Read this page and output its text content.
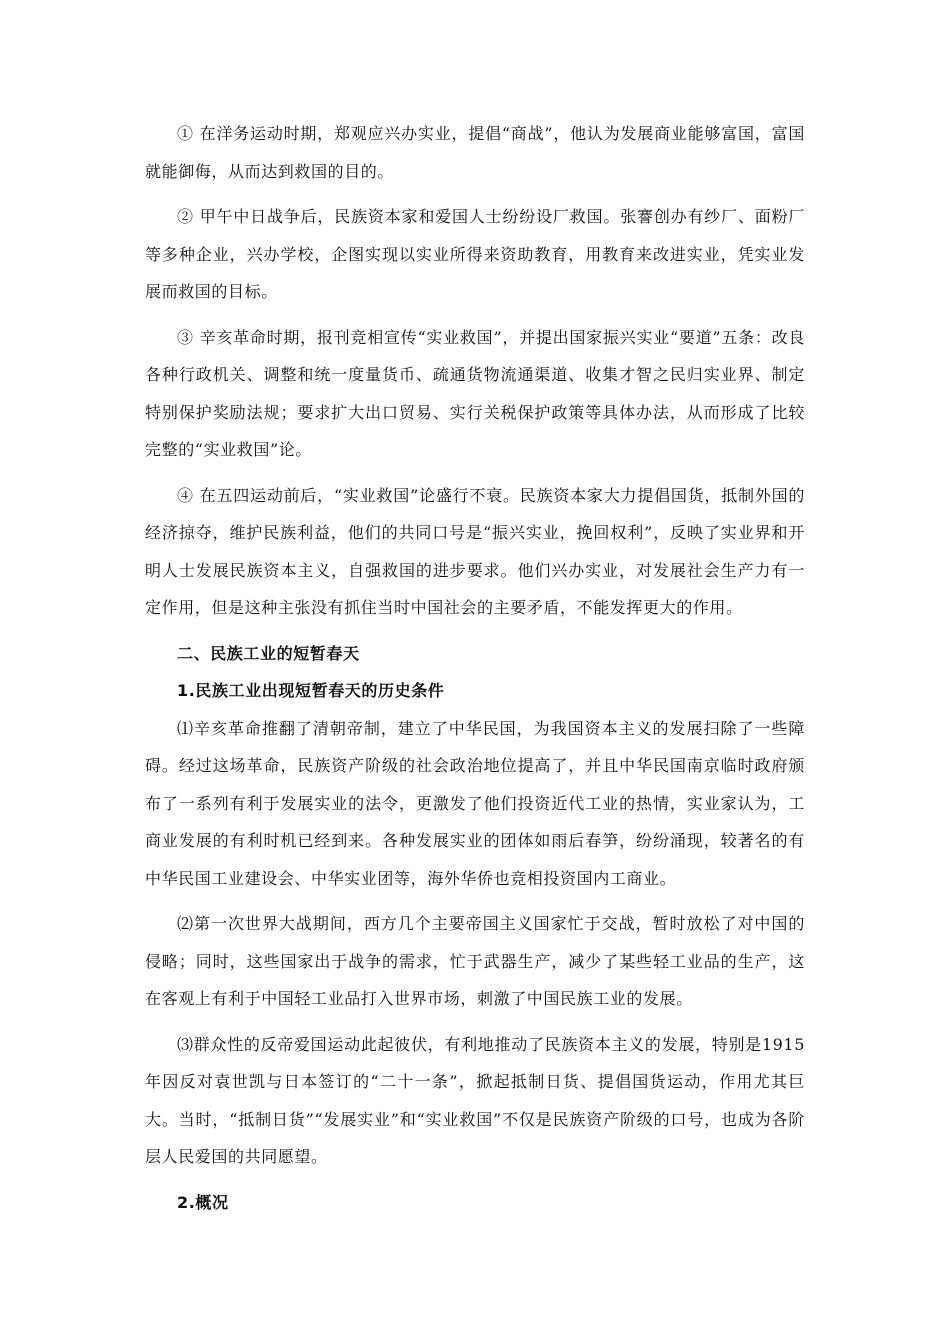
① 在洋务运动时期，郑观应兴办实业，提倡“商战”，他认为发展商业能够富国，富国就能御侮，从而达到救国的目的。

② 甲午中日战争后，民族资本家和爱国人士纷纷设厂救国。张謇创办有纱厂、面粉厂等多种企业，兴办学校，企图实现以实业所得来资助教育，用教育来改进实业，凭实业发展而救国的目标。

③ 辛亥革命时期，报刊竞相宣传“实业救国”，并提出国家振兴实业“要道”五条：改良各种行政机关、调整和统一度量货币、疏通货物流通渠道、收集才智之民归实业界、制定特别保护奖励法规；要求扩大出口贸易、实行关税保护政策等具体办法，从而形成了比较完整的“实业救国”论。

④ 在五四运动前后，“实业救国”论盛行不衰。民族资本家大力提倡国货，抵制外国的经济掠夺，维护民族利益，他们的共同口号是“振兴实业，挽回权利”，反映了实业界和开明人士发展民族资本主义，自强救国的进步要求。他们兴办实业，对发展社会生产力有一定作用，但是这种主张没有抓住当时中国社会的主要矛盾，不能发挥更大的作用。

二、民族工业的短暂春天

1.民族工业出现短暂春天的历史条件

⑴辛亥革命推翻了清朝帝制，建立了中华民国，为我国资本主义的发展扫除了一些障碍。经过这场革命，民族资产阶级的社会政治地位提高了，并且中华民国南京临时政府颁布了一系列有利于发展实业的法令，更激发了他们投资近代工业的热情，实业家认为，工商业发展的有利时机已经到来。各种发展实业的团体如雨后春笋，纷纷涌现，较著名的有中华民国工业建设会、中华实业团等，海外华侨也竞相投资国内工商业。

⑵第一次世界大战期间，西方几个主要帝国主义国家忙于交战，暂时放松了对中国的侵略；同时，这些国家出于战争的需求，忙于武器生产，减少了某些轻工业品的生产，这在客观上有利于中国轻工业品打入世界市场，刺激了中国民族工业的发展。

⑶群众性的反帝爱国运动此起彼伏，有利地推动了民族资本主义的发展，特别是1915年因反对袁世凯与日本签订的“二十一条”，掀起抵制日货、提倡国货运动，作用尤其巨大。当时，“抵制日货”“发展实业”和“实业救国”不仅是民族资产阶级的口号，也成为各阶层人民爱国的共同愿望。

2.概况
